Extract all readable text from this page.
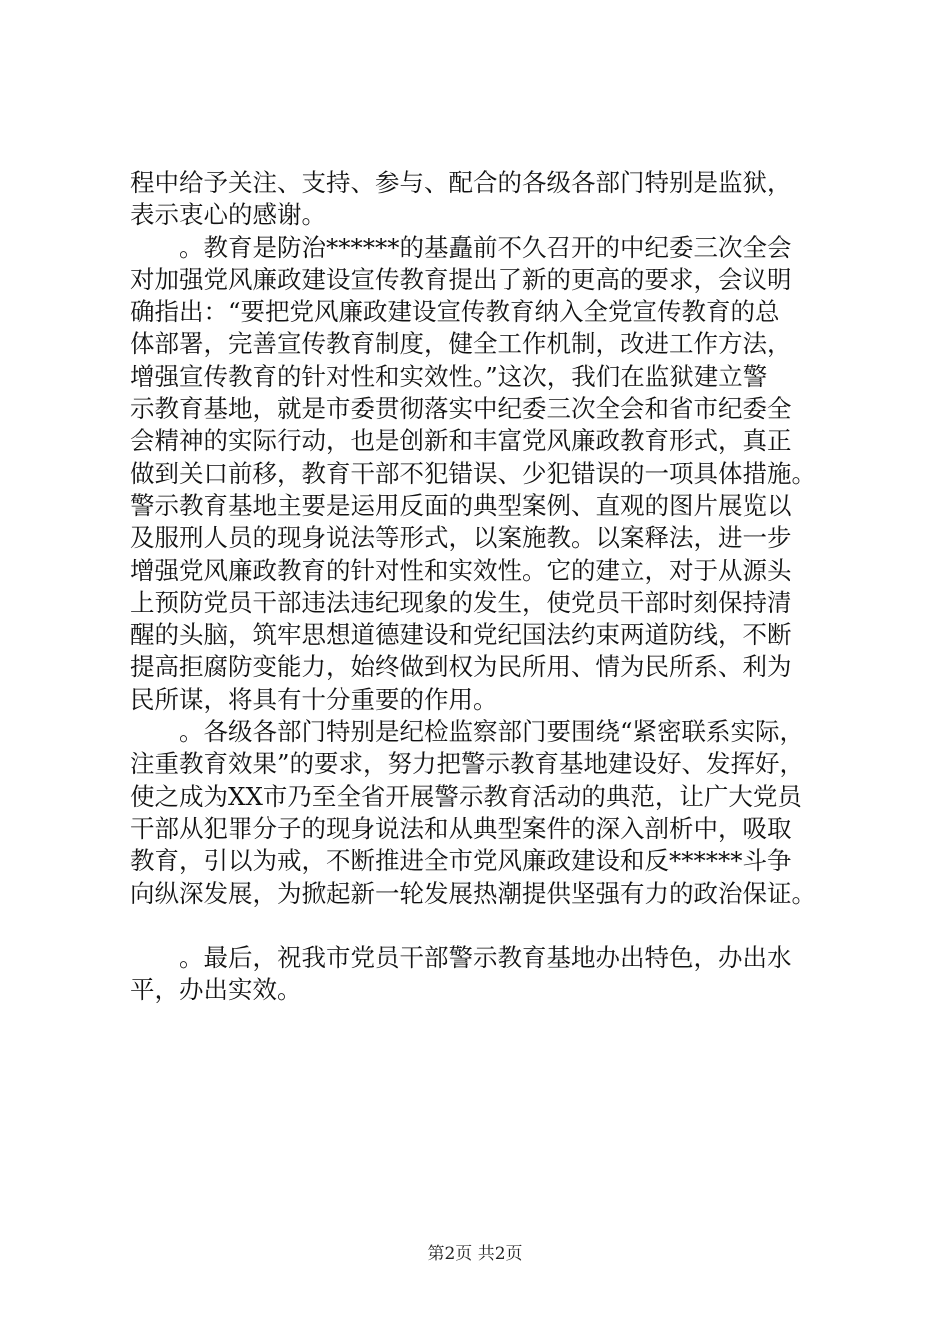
程中给予关注、支持、参与、配合的各级各部门特别是监狱，
表示衷心的感谢。
。教育是防治******的基矗前不久召开的中纪委三次全会
对加强党风廉政建设宣传教育提出了新的更高的要求，会议明
确指出：“要把党风廉政建设宣传教育纳入全党宣传教育的总
体部署，完善宣传教育制度，健全工作机制，改进工作方法，
增强宣传教育的针对性和实效性。”这次，我们在监狱建立警
示教育基地，就是市委贯彻落实中纪委三次全会和省市纪委全
会精神的实际行动，也是创新和丰富党风廉政教育形式，真正
做到关口前移，教育干部不犯错误、少犯错误的一项具体措施。
警示教育基地主要是运用反面的典型案例、直观的图片展览以
及服刑人员的现身说法等形式，以案施教。以案释法，进一步
增强党风廉政教育的针对性和实效性。它的建立，对于从源头
上预防党员干部违法违纪现象的发生，使党员干部时刻保持清
醒的头脑，筑牢思想道德建设和党纪国法约束两道防线，不断
提高拒腐防变能力，始终做到权为民所用、情为民所系、利为
民所谋，将具有十分重要的作用。
。各级各部门特别是纪检监察部门要围绕“紧密联系实际，
注重教育效果”的要求，努力把警示教育基地建设好、发挥好，
使之成为XX市乃至全省开展警示教育活动的典范，让广大党员
干部从犯罪分子的现身说法和从典型案件的深入剖析中，吸取
教育，引以为戒，不断推进全市党风廉政建设和反******斗争
向纵深发展，为掀起新一轮发展热潮提供坚强有力的政治保证。
。最后，祝我市党员干部警示教育基地办出特色，办出水
平，办出实效。
第2页 共2页
